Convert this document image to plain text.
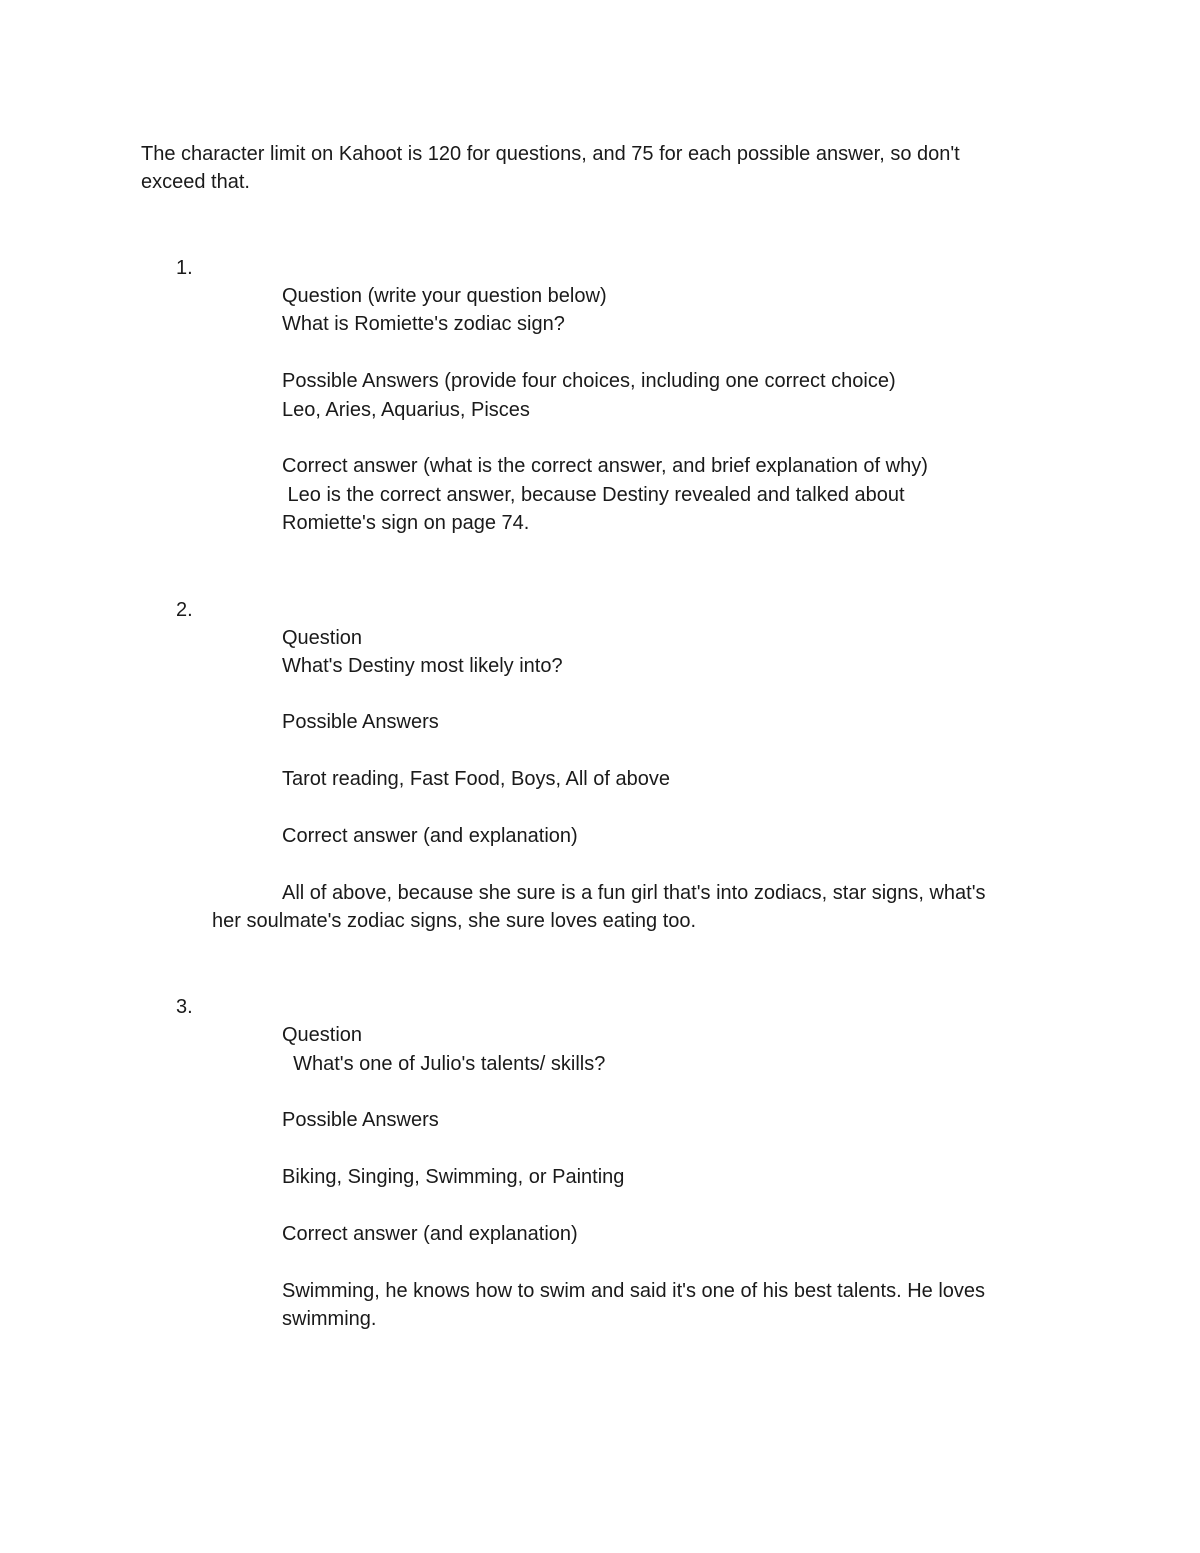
The character limit on Kahoot is 120 for questions, and 75 for each possible answer, so don't
exceed that.
1.
Question (write your question below)
What is Romiette's zodiac sign?
Possible Answers (provide four choices, including one correct choice)
Leo, Aries, Aquarius, Pisces
Correct answer (what is the correct answer, and brief explanation of why)
Leo is the correct answer, because Destiny revealed and talked about
Romiette's sign on page 74.
2.
Question
What's Destiny most likely into?
Possible Answers
Tarot reading, Fast Food, Boys, All of above
Correct answer (and explanation)
All of above, because she sure is a fun girl that's into zodiacs, star signs, what's
her soulmate's zodiac signs, she sure loves eating too.
3.
Question
What's one of Julio's talents/ skills?
Possible Answers
Biking, Singing, Swimming, or Painting
Correct answer (and explanation)
Swimming, he knows how to swim and said it's one of his best talents. He loves
swimming.
